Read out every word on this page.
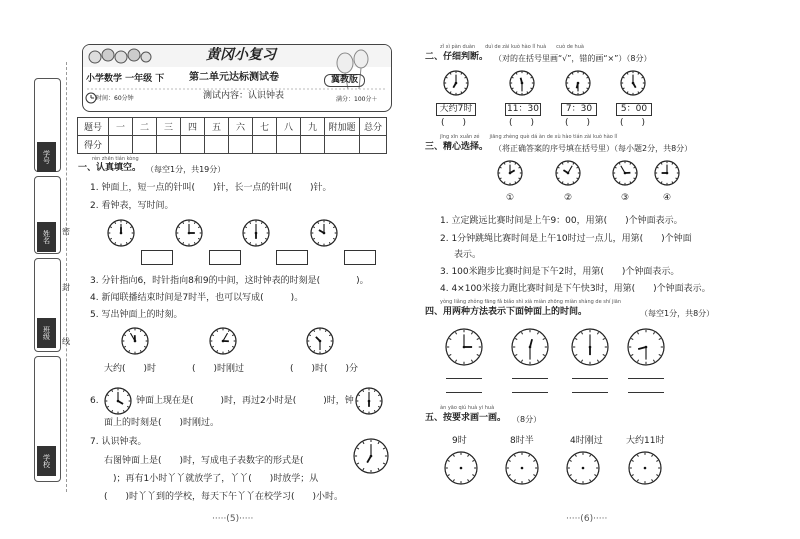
学号
姓名
班级
学校
密
封
线
黄冈小复习
小学数学 一年级 下 第二单元达标测试卷	冀教版
测试内容：认识钟表
时间：60分钟	满分：100分＋
题号	一	二	三	四	五	六	七	八	九	附加题	总分
得分											
rèn zhēn tián kòng
一、认真填空。 （每空1分，共19分）
1. 钟面上，短一点的针叫(　　)针，长一点的针叫(　　)针。
2. 看钟表，写时间。
3. 分针指向6，时针指向8和9的中间，这时钟表的时刻是(　　　　)。
4. 新闻联播结束时间是7时半，也可以写成(　　　)。
5. 写出钟面上的时刻。
大约(　　)时	(　　)时刚过	(　　)时(　　)分
6.	钟面上现在是(　　　)时，再过2小时是(　　　)时，钟
面上的时刻是(　　)时刚过。
7. 认识钟表。
右图钟面上是(　　)时，写成电子表数字的形式是(
　)；再有1小时丫丫就放学了，丫丫(　　)时放学；从
(　　)时丫丫到的学校，每天下午丫丫在校学习(　　)小时。
·····(5)·····
zǐ xì pàn duàn　　duì de zài kuò hào lǐ huà　　cuò de huà
二、仔细判断。 （对的在括号里画“√”，错的画“×”）（8分）
大约7时	11：30	7：30	5：00
(　　)	(　　)	(　　)	(　　)
jīng xīn xuǎn zé　　jiāng zhèng què dá àn de xù hào tián zài kuò hào lǐ
三、精心选择。 （将正确答案的序号填在括号里）（每小题2分，共8分）
①	②	③	④
1. 立定跳远比赛时间是上午9：00，用第(　　)个钟面表示。
2. 1分钟跳绳比赛时间是上午10时过一点儿，用第(　　)个钟面
表示。
3. 100米跑步比赛时间是下午2时，用第(　　)个钟面表示。
4. 4×100米接力跑比赛时间是下午快3时，用第(　　)个钟面表示。
yòng liǎng zhǒng fāng fǎ biǎo shì xià miàn zhōng miàn shàng de shí jiān
四、用两种方法表示下面钟面上的时间。	（每空1分，共8分）
àn yāo qiú huà yi huà
五、按要求画一画。 （8分）
9时	8时半	4时刚过	大约11时
·····(6)·····
